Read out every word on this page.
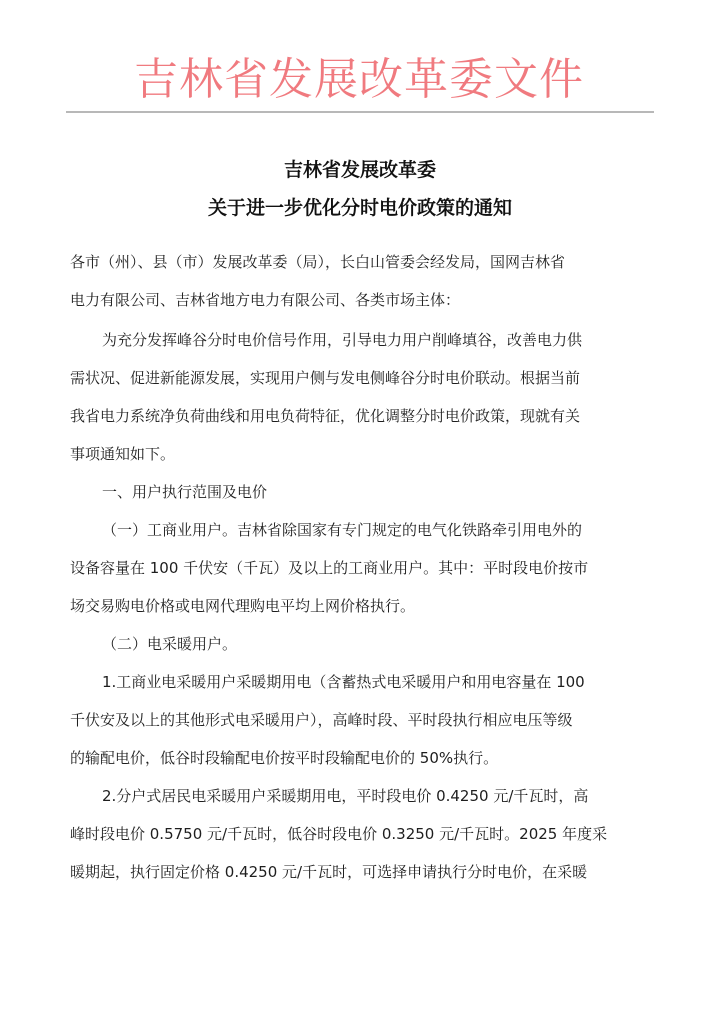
吉林省发展改革委文件
吉林省发展改革委
关于进一步优化分时电价政策的通知
各市（州）、县（市）发展改革委（局），长白山管委会经发局，国网吉林省
电力有限公司、吉林省地方电力有限公司、各类市场主体：
为充分发挥峰谷分时电价信号作用，引导电力用户削峰填谷，改善电力供
需状况、促进新能源发展，实现用户侧与发电侧峰谷分时电价联动。根据当前
我省电力系统净负荷曲线和用电负荷特征，优化调整分时电价政策，现就有关
事项通知如下。
一、用户执行范围及电价
（一）工商业用户。吉林省除国家有专门规定的电气化铁路牵引用电外的
设备容量在 100 千伏安（千瓦）及以上的工商业用户。其中：平时段电价按市
场交易购电价格或电网代理购电平均上网价格执行。
（二）电采暖用户。
1.工商业电采暖用户采暖期用电（含蓄热式电采暖用户和用电容量在 100
千伏安及以上的其他形式电采暖用户），高峰时段、平时段执行相应电压等级
的输配电价，低谷时段输配电价按平时段输配电价的 50%执行。
2.分户式居民电采暖用户采暖期用电，平时段电价 0.4250 元/千瓦时，高
峰时段电价 0.5750 元/千瓦时，低谷时段电价 0.3250 元/千瓦时。2025 年度采
暖期起，执行固定价格 0.4250 元/千瓦时，可选择申请执行分时电价，在采暖
